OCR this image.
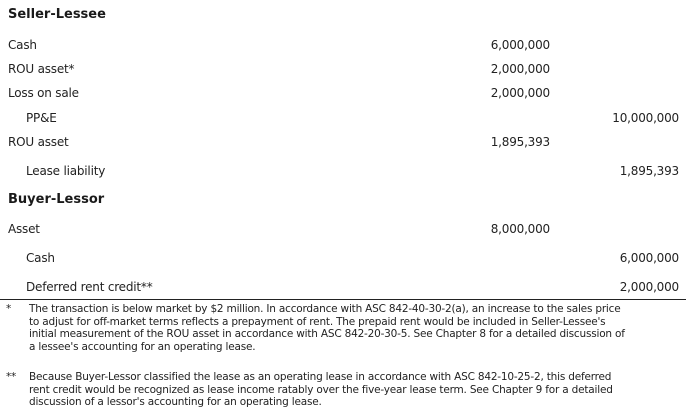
Seller-Lessee
Cash	6,000,000
ROU asset*	2,000,000
Loss on sale	2,000,000
PP&E	10,000,000
ROU asset	1,895,393
Lease liability	1,895,393
Buyer-Lessor
Asset	8,000,000
Cash	6,000,000
Deferred rent credit**	2,000,000
* The transaction is below market by $2 million. In accordance with ASC 842-40-30-2(a), an increase to the sales price
to adjust for off-market terms reflects a prepayment of rent. The prepaid rent would be included in Seller-Lessee's
initial measurement of the ROU asset in accordance with ASC 842-20-30-5. See Chapter 8 for a detailed discussion of
a lessee's accounting for an operating lease.
** Because Buyer-Lessor classified the lease as an operating lease in accordance with ASC 842-10-25-2, this deferred
rent credit would be recognized as lease income ratably over the five-year lease term. See Chapter 9 for a detailed
discussion of a lessor's accounting for an operating lease.
